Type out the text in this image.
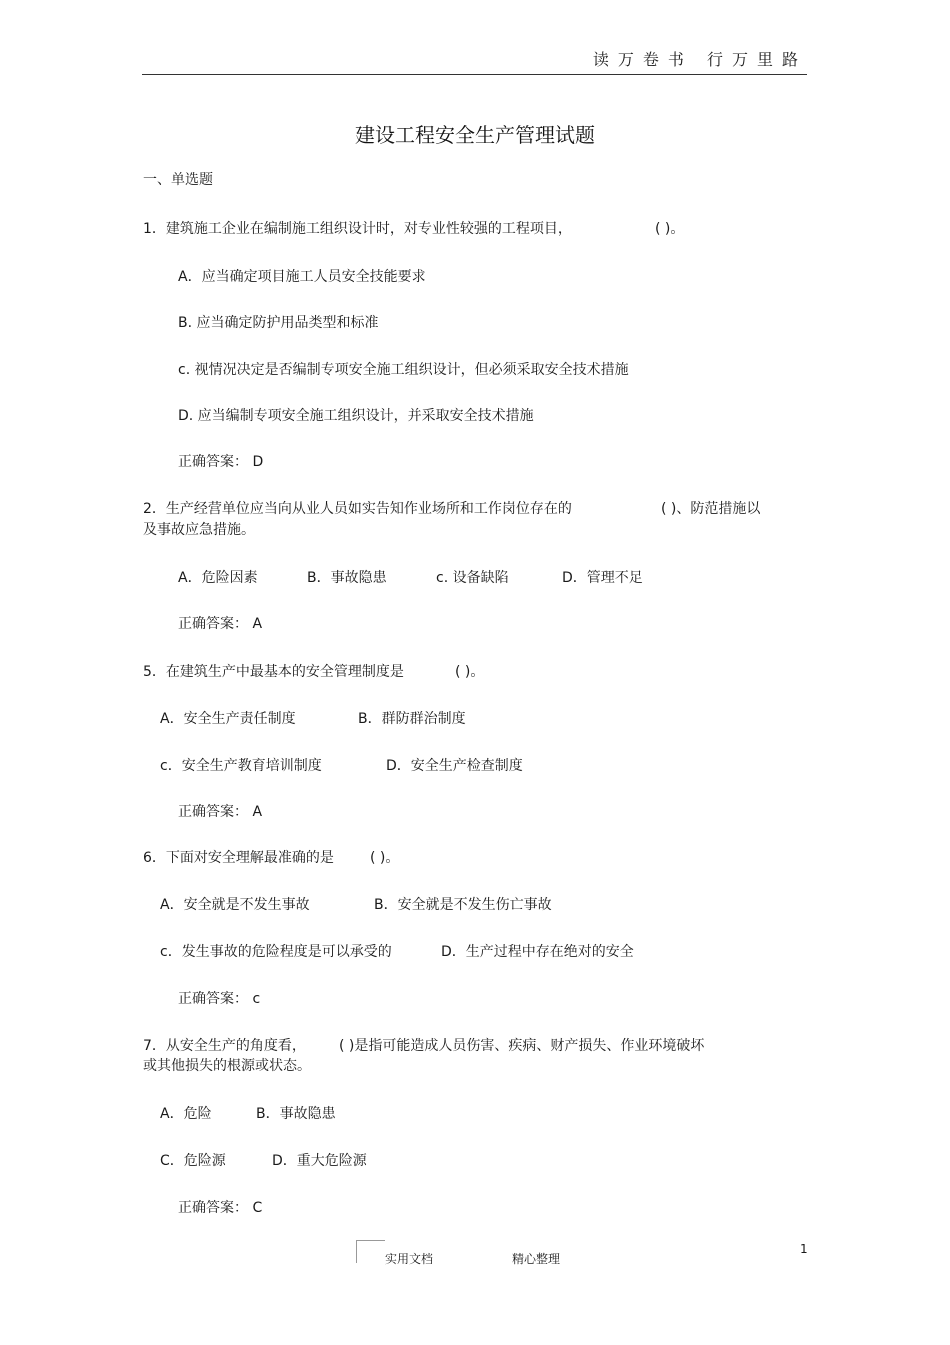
读万卷书 行万里路
建设工程安全生产管理试题
一、单选题
1．建筑施工企业在编制施工组织设计时，对专业性较强的工程项目，	( )。
A．应当确定项目施工人员安全技能要求
B. 应当确定防护用品类型和标准
c. 视情况决定是否编制专项安全施工组织设计，但必须采取安全技术措施
D. 应当编制专项安全施工组织设计，并采取安全技术措施
正确答案： D
2．生产经营单位应当向从业人员如实告知作业场所和工作岗位存在的	( )、防范措施以
及事故应急措施。
A．危险因素	B．事故隐患	c. 设备缺陷	D．管理不足
正确答案： A
5．在建筑生产中最基本的安全管理制度是	( )。
A．安全生产责任制度	B．群防群治制度
c．安全生产教育培训制度	D．安全生产检查制度
正确答案： A
6．下面对安全理解最准确的是	( )。
A．安全就是不发生事故	B．安全就是不发生伤亡事故
c．发生事故的危险程度是可以承受的	D．生产过程中存在绝对的安全
正确答案： c
7．从安全生产的角度看， ( )是指可能造成人员伤害、疾病、财产损失、作业环境破坏
或其他损失的根源或状态。
A．危险	B．事故隐患
C．危险源	D．重大危险源
正确答案： C
实用文档	精心整理
1
